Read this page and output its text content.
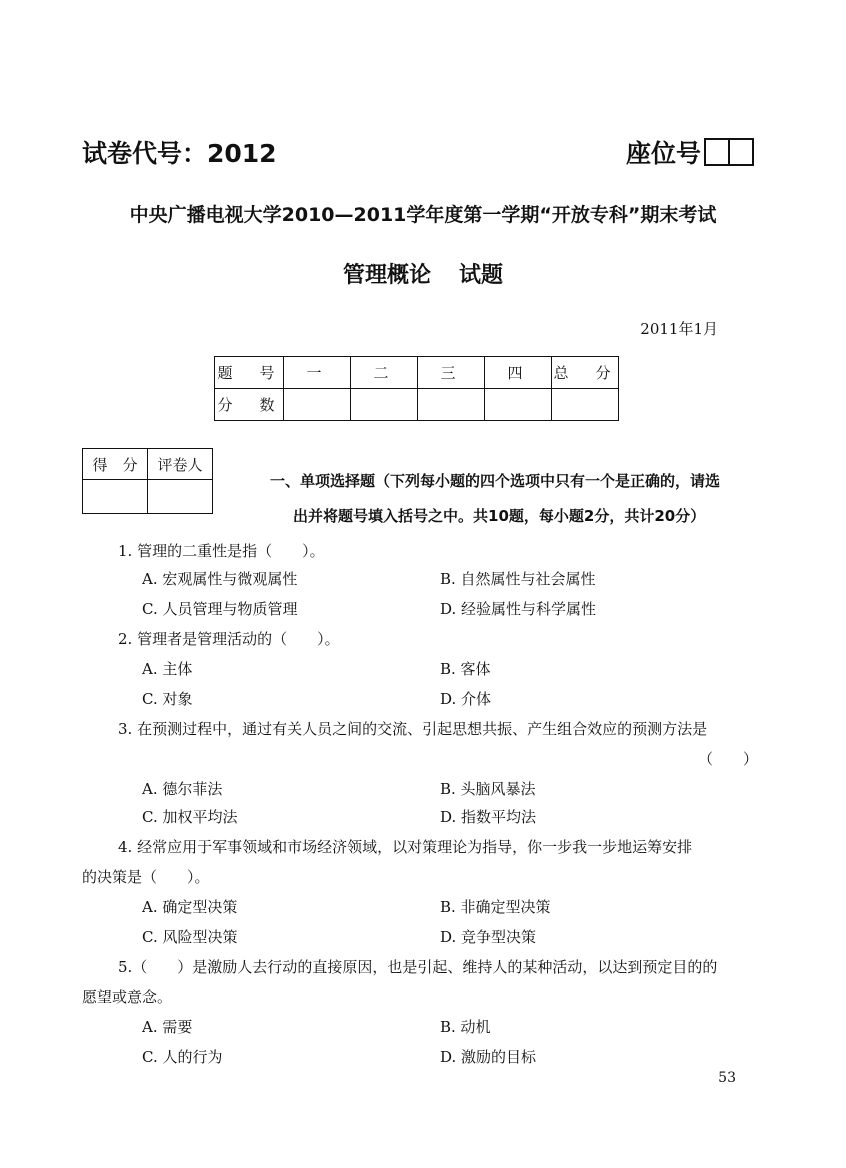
试卷代号：2012	座位号
中央广播电视大学2010—2011学年度第一学期“开放专科”期末考试
管理概论 试题
2011年1月
题　号	一	二	三	四	总　分
分　数					
得　分	评卷人

一、单项选择题（下列每小题的四个选项中只有一个是正确的，请选
出并将题号填入括号之中。共10题，每小题2分，共计20分）
1. 管理的二重性是指（　　）。
A. 宏观属性与微观属性	B. 自然属性与社会属性
C. 人员管理与物质管理	D. 经验属性与科学属性
2. 管理者是管理活动的（　　）。
A. 主体	B. 客体
C. 对象	D. 介体
3. 在预测过程中，通过有关人员之间的交流、引起思想共振、产生组合效应的预测方法是
（　　）
A. 德尔菲法	B. 头脑风暴法
C. 加权平均法	D. 指数平均法
4. 经常应用于军事领域和市场经济领域，以对策理论为指导，你一步我一步地运筹安排
的决策是（　　）。
A. 确定型决策	B. 非确定型决策
C. 风险型决策	D. 竞争型决策
5.（　　）是激励人去行动的直接原因，也是引起、维持人的某种活动，以达到预定目的的
愿望或意念。
A. 需要	B. 动机
C. 人的行为	D. 激励的目标
53
